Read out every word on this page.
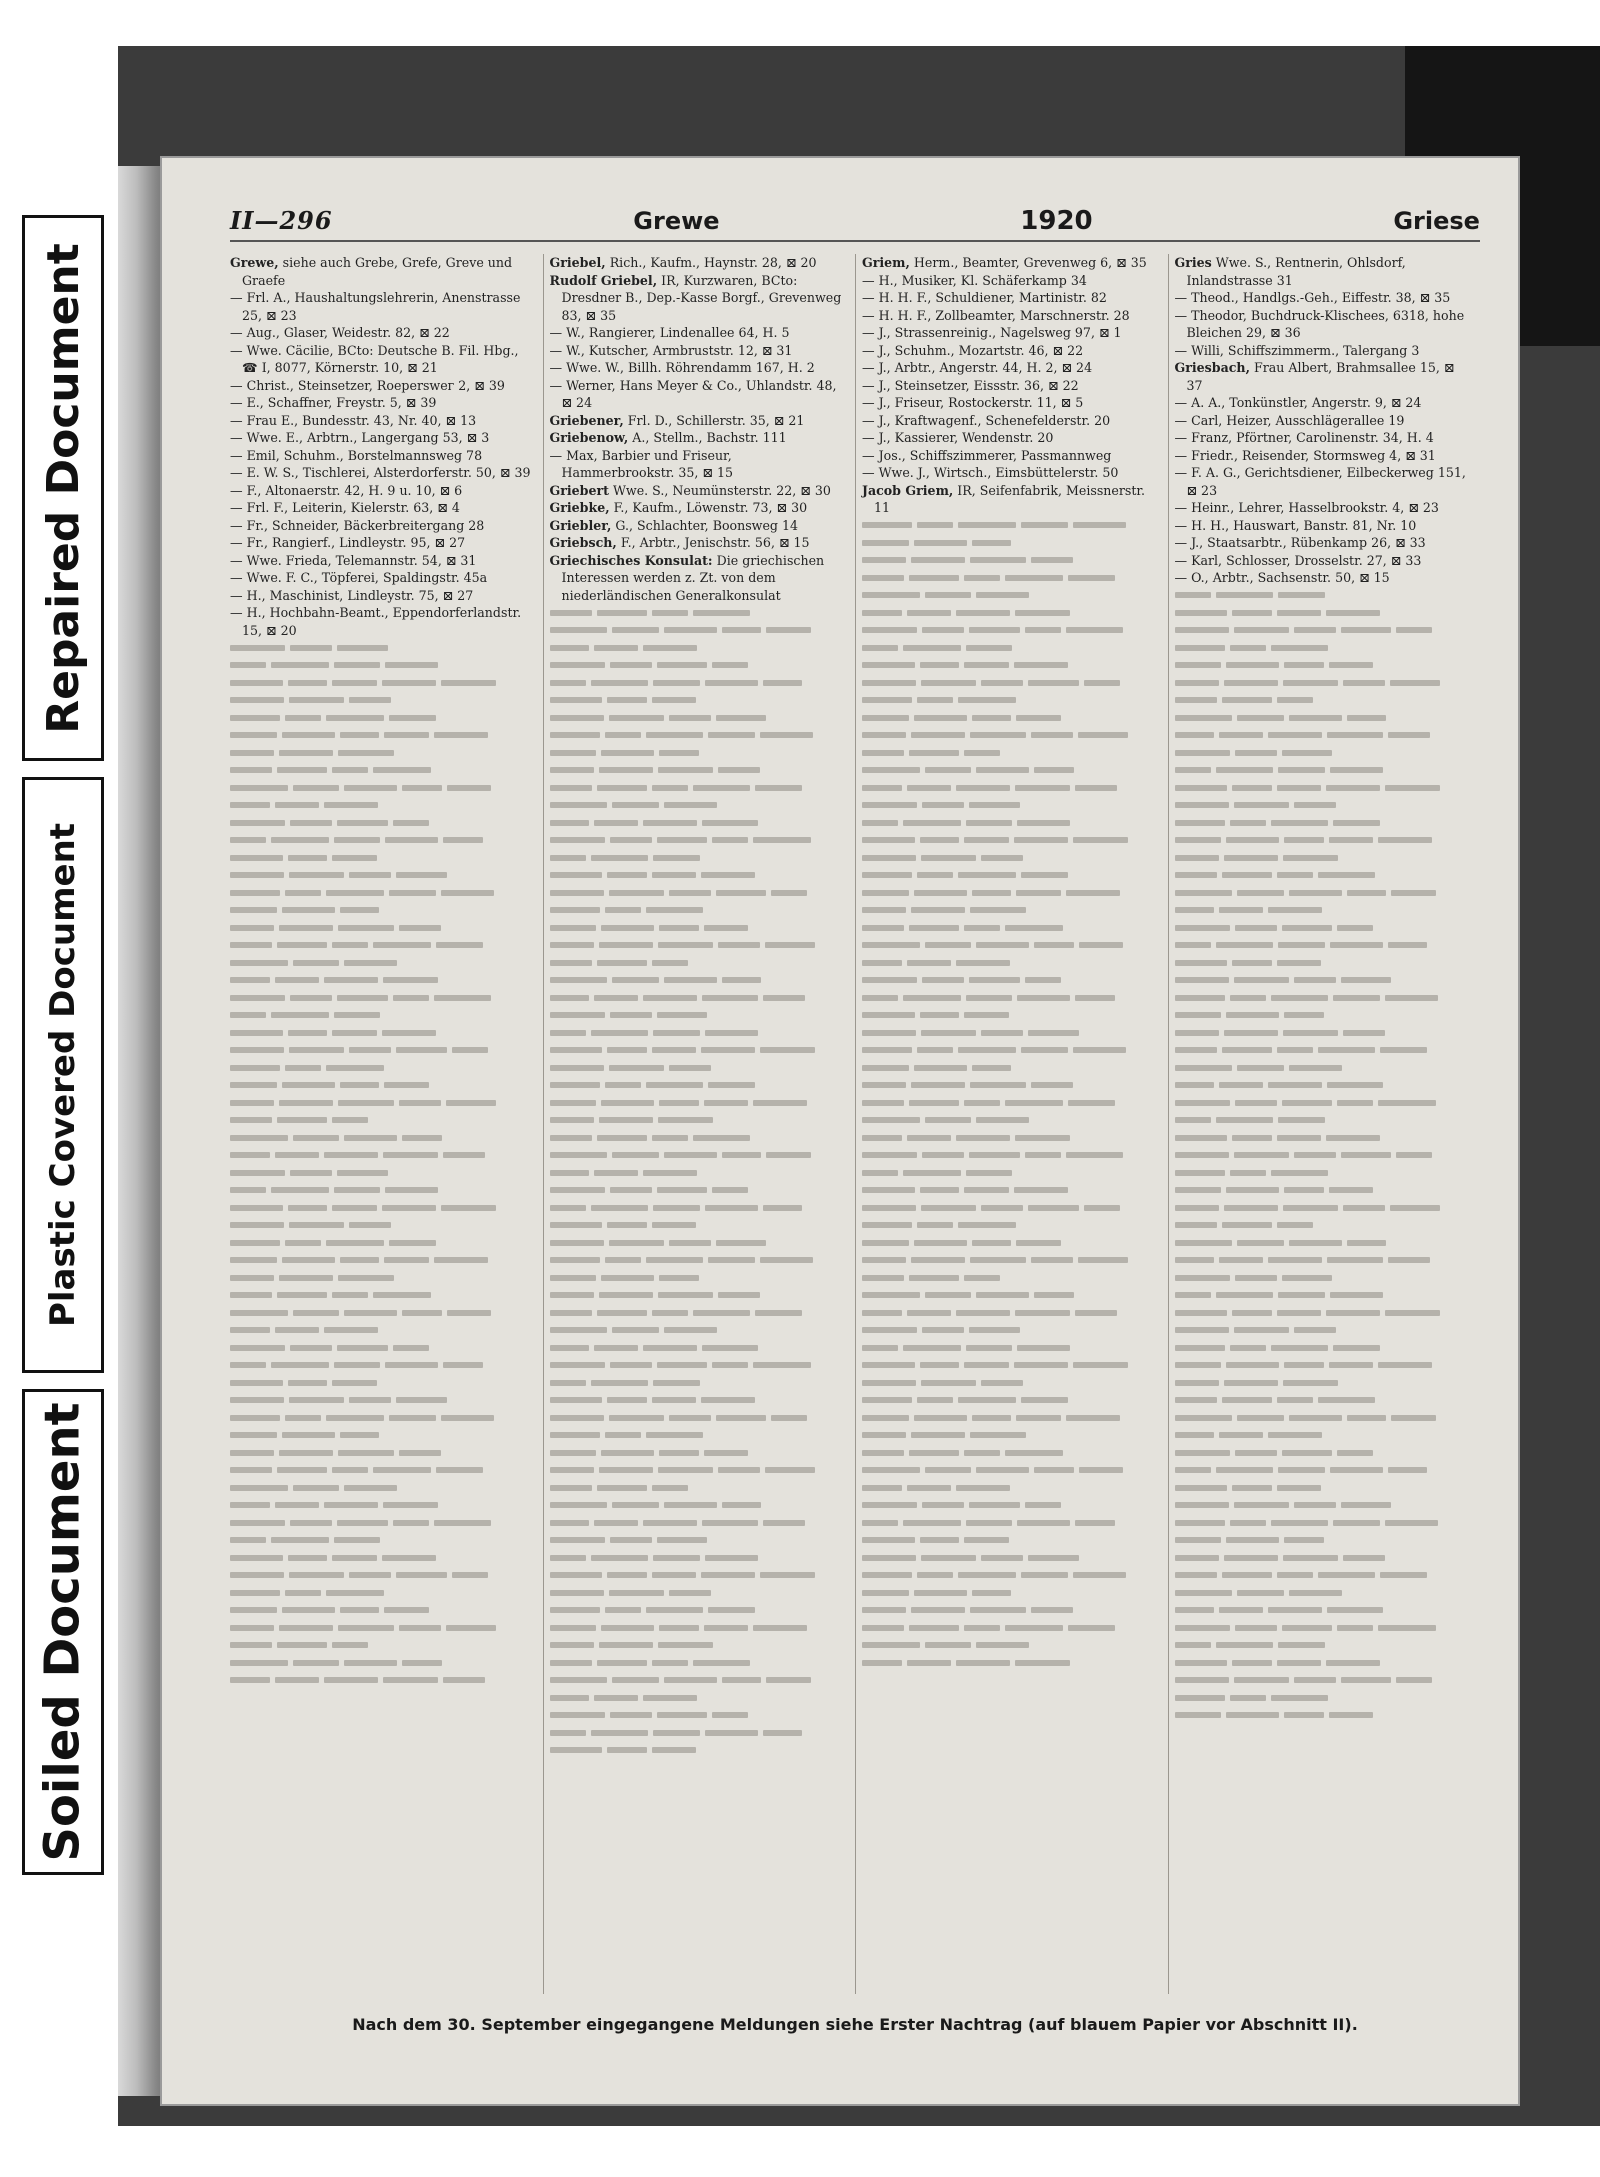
Repaired Document
Plastic Covered Document
Soiled Document
II—296	Grewe	1920	Griese

Grewe, siehe auch Grebe, Grefe, Greve und Graefe

— Frl. A., Haushaltungslehrerin, Anenstrasse 25, ⊠ 23

— Aug., Glaser, Weidestr. 82, ⊠ 22

— Wwe. Cäcilie, BCto: Deutsche B. Fil. Hbg., ☎ I, 8077, Körnerstr. 10, ⊠ 21

— Christ., Steinsetzer, Roeperswег 2, ⊠ 39

— E., Schaffner, Freystr. 5, ⊠ 39

— Frau E., Bundesstr. 43, Nr. 40, ⊠ 13

— Wwe. E., Arbtrn., Langergang 53, ⊠ 3

— Emil, Schuhm., Borstelmannsweg 78

— E. W. S., Tischlerei, Alsterdorferstr. 50, ⊠ 39

— F., Altonaerstr. 42, H. 9 u. 10, ⊠ 6

— Frl. F., Leiterin, Kielerstr. 63, ⊠ 4

— Fr., Schneider, Bäckerbreitergang 28

— Fr., Rangierf., Lindleystr. 95, ⊠ 27

— Wwe. Frieda, Telemannstr. 54, ⊠ 31

— Wwe. F. C., Töpferei, Spaldingstr. 45a

— H., Maschinist, Lindleystr. 75, ⊠ 27

— H., Hochbahn-Beamt., Eppendorferlandstr. 15, ⊠ 20

Griebel, Rich., Kaufm., Haynstr. 28, ⊠ 20

Rudolf Griebel, IR, Kurzwaren, BCto: Dresdner B., Dep.-Kasse Borgf., Grevenweg 83, ⊠ 35

— W., Rangierer, Lindenallee 64, H. 5

— W., Kutscher, Armbruststr. 12, ⊠ 31

— Wwe. W., Billh. Röhrendamm 167, H. 2

— Werner, Hans Meyer & Co., Uhlandstr. 48, ⊠ 24

Griebener, Frl. D., Schillerstr. 35, ⊠ 21

Griebenow, A., Stellm., Bachstr. 111

— Max, Barbier und Friseur, Hammerbrookstr. 35, ⊠ 15

Griebert Wwe. S., Neumünsterstr. 22, ⊠ 30

Griebke, F., Kaufm., Löwenstr. 73, ⊠ 30

Griebler, G., Schlachter, Boonsweg 14

Griebsch, F., Arbtr., Jenischstr. 56, ⊠ 15

Griechisches Konsulat: Die griechischen Interessen werden z. Zt. von dem niederländischen Generalkonsulat

Griem, Herm., Beamter, Grevenweg 6, ⊠ 35

— H., Musiker, Kl. Schäferkamp 34

— H. H. F., Schuldiener, Martinistr. 82

— H. H. F., Zollbeamter, Marschnerstr. 28

— J., Strassenreinig., Nagelsweg 97, ⊠ 1

— J., Schuhm., Mozartstr. 46, ⊠ 22

— J., Arbtr., Angerstr. 44, H. 2, ⊠ 24

— J., Steinsetzer, Eissstr. 36, ⊠ 22

— J., Friseur, Rostockerstr. 11, ⊠ 5

— J., Kraftwagenf., Schenefelderstr. 20

— J., Kassierer, Wendenstr. 20

— Jos., Schiffszimmerer, Passmannweg

— Wwe. J., Wirtsch., Eimsbüttelerstr. 50

Jacob Griem, IR, Seifenfabrik, Meissnerstr. 11

Gries Wwe. S., Rentnerin, Ohlsdorf, Inlandstrasse 31

— Theod., Handlgs.-Geh., Eiffestr. 38, ⊠ 35

— Theodor, Buchdruck-Klischees, 6318, hohe Bleichen 29, ⊠ 36

— Willi, Schiffszimmerm., Talergang 3

Griesbach, Frau Albert, Brahmsallee 15, ⊠ 37

— A. A., Tonkünstler, Angerstr. 9, ⊠ 24

— Carl, Heizer, Ausschlägerallee 19

— Franz, Pförtner, Carolinenstr. 34, H. 4

— Friedr., Reisender, Stormsweg 4, ⊠ 31

— F. A. G., Gerichtsdiener, Eilbeckerweg 151, ⊠ 23

— Heinr., Lehrer, Hasselbrookstr. 4, ⊠ 23

— H. H., Hauswart, Banstr. 81, Nr. 10

— J., Staatsarbtr., Rübenkamp 26, ⊠ 33

— Karl, Schlosser, Drosselstr. 27, ⊠ 33

— O., Arbtr., Sachsenstr. 50, ⊠ 15

Nach dem 30. September eingegangene Meldungen siehe Erster Nachtrag (auf blauem Papier vor Abschnitt II).
